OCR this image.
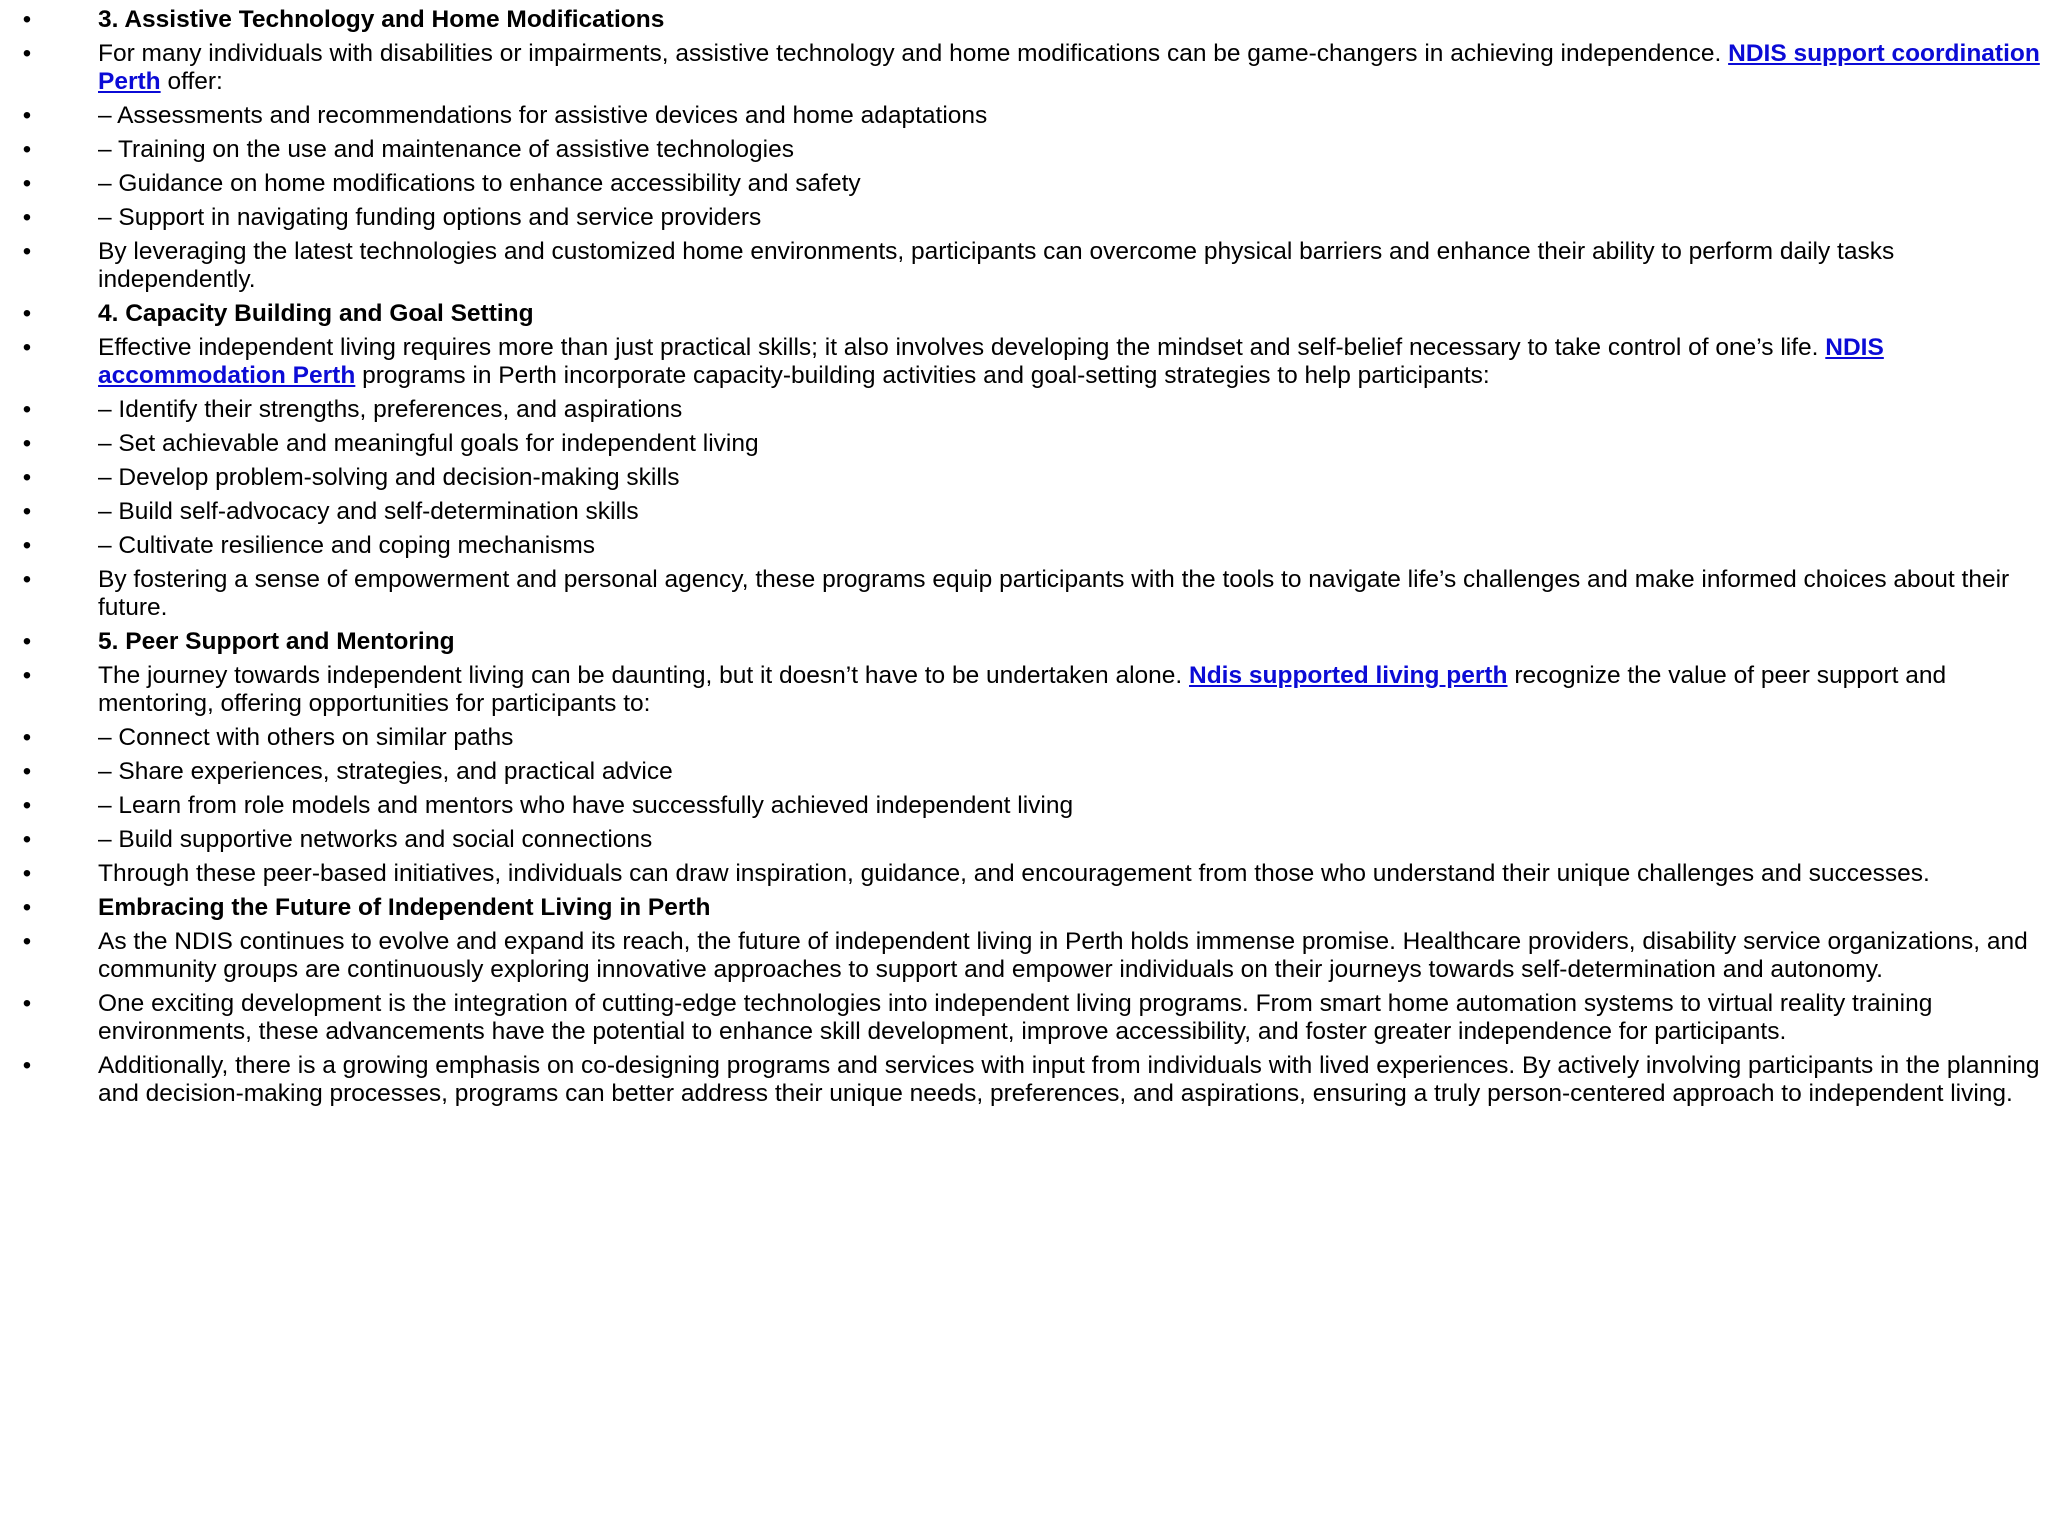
•	3. Assistive Technology and Home Modifications
•	For many individuals with disabilities or impairments, assistive technology and home modifications can be game-changers in achieving independence. NDIS support coordination Perth offer:
•	– Assessments and recommendations for assistive devices and home adaptations
•	– Training on the use and maintenance of assistive technologies
•	– Guidance on home modifications to enhance accessibility and safety
•	– Support in navigating funding options and service providers
•	By leveraging the latest technologies and customized home environments, participants can overcome physical barriers and enhance their ability to perform daily tasks independently.
•	4. Capacity Building and Goal Setting
•	Effective independent living requires more than just practical skills; it also involves developing the mindset and self-belief necessary to take control of one’s life. NDIS accommodation Perth programs in Perth incorporate capacity-building activities and goal-setting strategies to help participants:
•	– Identify their strengths, preferences, and aspirations
•	– Set achievable and meaningful goals for independent living
•	– Develop problem-solving and decision-making skills
•	– Build self-advocacy and self-determination skills
•	– Cultivate resilience and coping mechanisms
•	By fostering a sense of empowerment and personal agency, these programs equip participants with the tools to navigate life’s challenges and make informed choices about their future.
•	5. Peer Support and Mentoring
•	The journey towards independent living can be daunting, but it doesn’t have to be undertaken alone. Ndis supported living perth recognize the value of peer support and mentoring, offering opportunities for participants to:
•	– Connect with others on similar paths
•	– Share experiences, strategies, and practical advice
•	– Learn from role models and mentors who have successfully achieved independent living
•	– Build supportive networks and social connections
•	Through these peer-based initiatives, individuals can draw inspiration, guidance, and encouragement from those who understand their unique challenges and successes.
•	Embracing the Future of Independent Living in Perth
•	As the NDIS continues to evolve and expand its reach, the future of independent living in Perth holds immense promise. Healthcare providers, disability service organizations, and community groups are continuously exploring innovative approaches to support and empower individuals on their journeys towards self-determination and autonomy.
•	One exciting development is the integration of cutting-edge technologies into independent living programs. From smart home automation systems to virtual reality training environments, these advancements have the potential to enhance skill development, improve accessibility, and foster greater independence for participants.
•	Additionally, there is a growing emphasis on co-designing programs and services with input from individuals with lived experiences. By actively involving participants in the planning and decision-making processes, programs can better address their unique needs, preferences, and aspirations, ensuring a truly person-centered approach to independent living.
